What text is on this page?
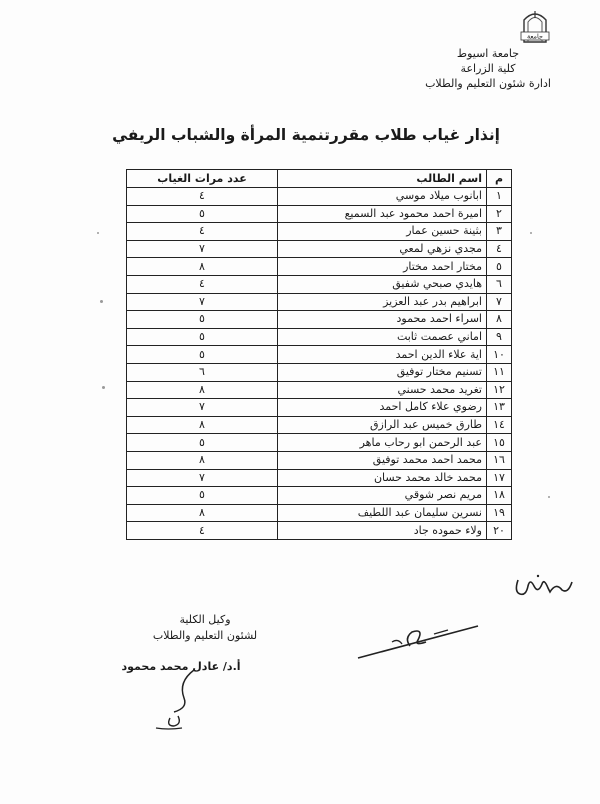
جامعة
جامعة اسيوط
كلية الزراعة
ادارة شئون التعليم والطلاب
إنذار غياب طلاب مقررتنمية المرأة والشباب الريفي
م	اسم الطالب	عدد مرات الغياب
١	ابانوب ميلاد موسي	٤
٢	اميرة احمد محمود عبد السميع	٥
٣	بثينة حسين عمار	٤
٤	مجدي نزهي لمعي	٧
٥	مختار احمد مختار	٨
٦	هايدي صبحي شفيق	٤
٧	ابراهيم بدر عبد العزيز	٧
٨	اسراء احمد محمود	٥
٩	اماني عصمت ثابت	٥
١٠	اية علاء الدين احمد	٥
١١	تسنيم مختار توفيق	٦
١٢	تغريد محمد حسني	٨
١٣	رضوي علاء كامل احمد	٧
١٤	طارق خميس عبد الرازق	٨
١٥	عبد الرحمن ابو رحاب ماهر	٥
١٦	محمد احمد محمد توفيق	٨
١٧	محمد خالد محمد حسان	٧
١٨	مريم نصر شوقي	٥
١٩	نسرين سليمان عبد اللطيف	٨
٢٠	ولاء حموده جاد	٤
وكيل الكلية
لشئون التعليم والطلاب
أ.د/ عادل محمد محمود
